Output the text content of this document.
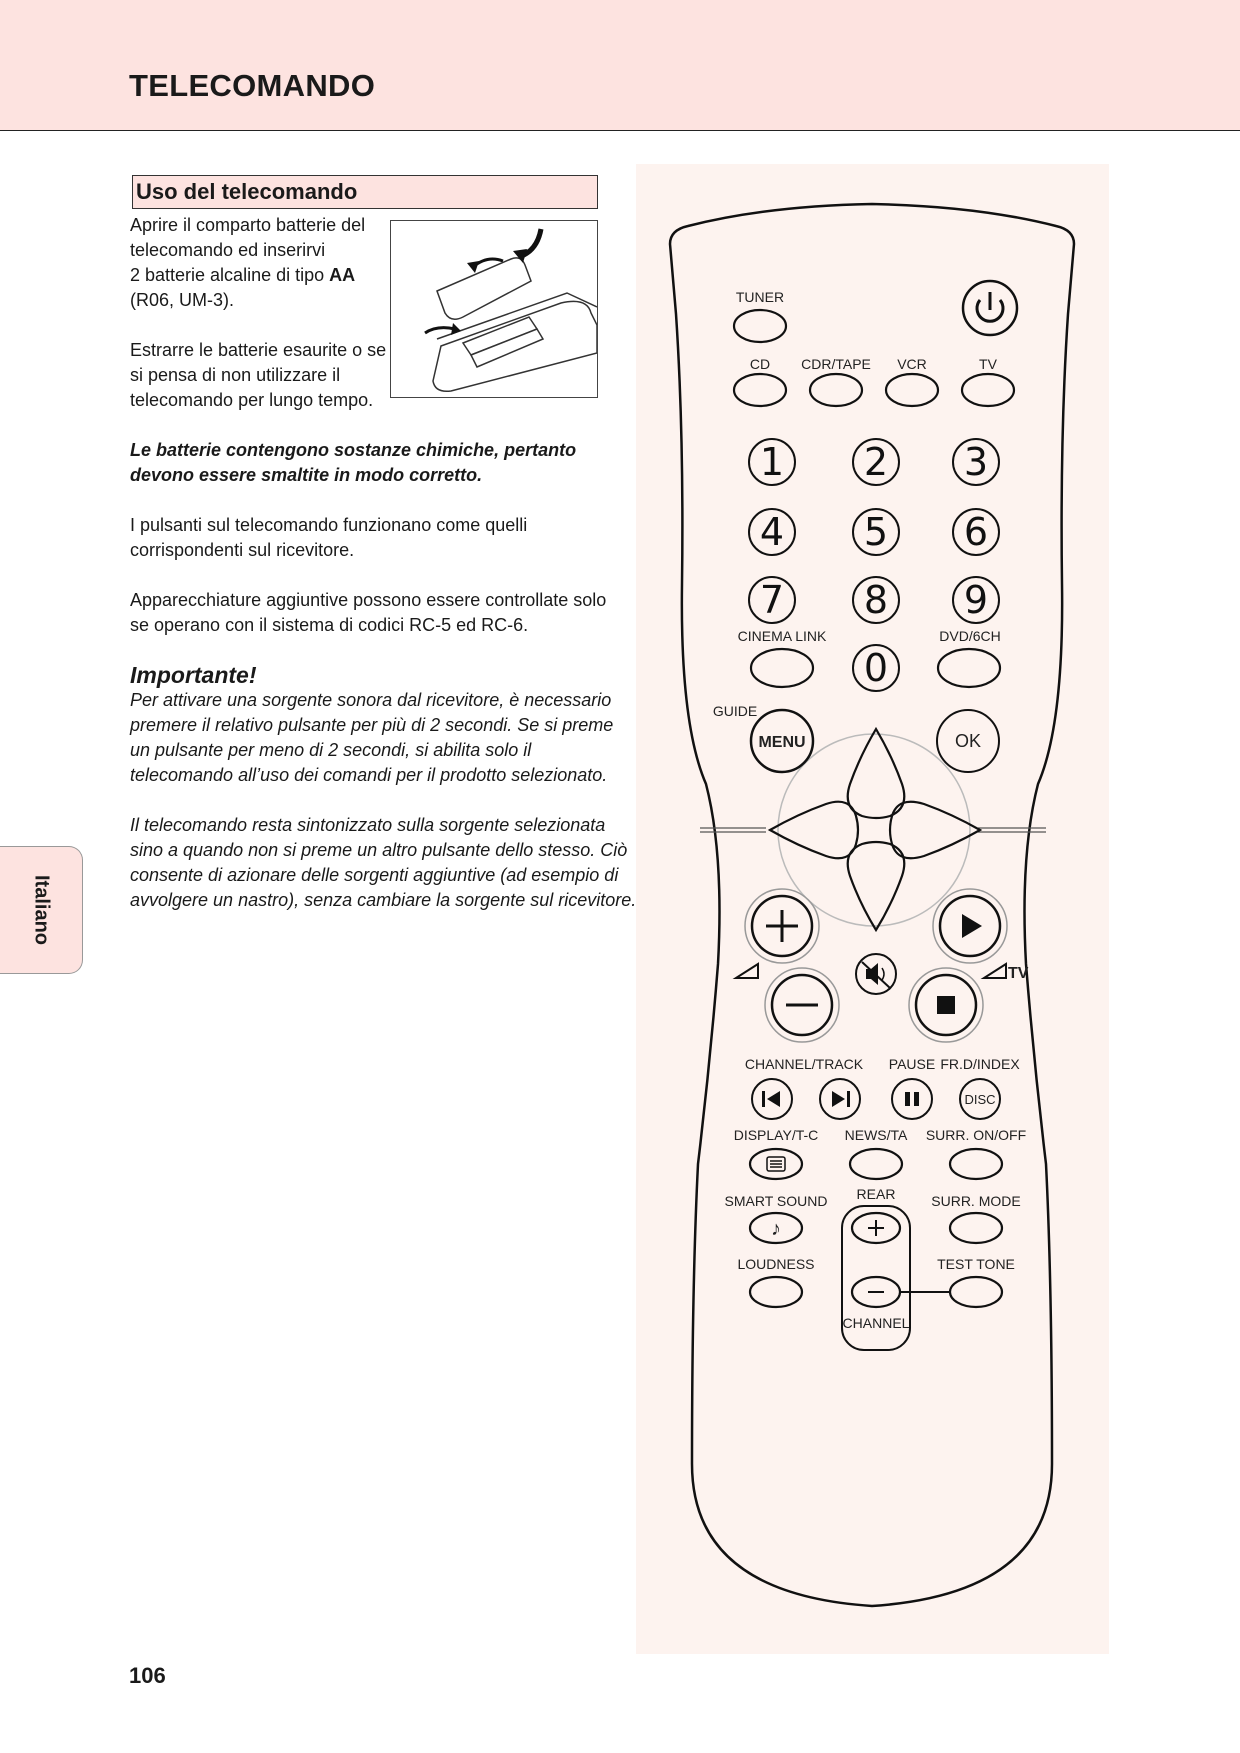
TELECOMANDO
Uso del telecomando
Aprire il comparto batterie del
telecomando ed inserirvi
2 batterie alcaline di tipo AA
(R06, UM-3).
Estrarre le batterie esaurite o se
si pensa di non utilizzare il
telecomando per lungo tempo.
Le batterie contengono sostanze chimiche, pertanto
devono essere smaltite in modo corretto.
I pulsanti sul telecomando funzionano come quelli
corrispondenti sul ricevitore.
Apparecchiature aggiuntive possono essere controllate solo
se operano con il sistema di codici RC-5 ed RC-6.
Importante!
Per attivare una sorgente sonora dal ricevitore, è necessario
premere il relativo pulsante per più di 2 secondi. Se si preme
un pulsante per meno di 2 secondi, si abilita solo il
telecomando all’uso dei comandi per il prodotto selezionato.
Il telecomando resta sintonizzato sulla sorgente selezionata
sino a quando non si preme un altro pulsante dello stesso. Ciò
consente di azionare delle sorgenti aggiuntive (ad esempio di
avvolgere un nastro), senza cambiare la sorgente sul ricevitore.
Italiano
106
TUNER
CD CDR/TAPE VCR	TV
1 2 3
4 5 6
7 8 9
0
CINEMA LINK	DVD/6CH
GUIDE
MENU	OK
TV
CHANNEL/TRACK PAUSE FR.D/INDEX
DISC
DISPLAY/T-C NEWS/TA SURR. ON/OFF
SMART SOUND REAR	SURR. MODE
♪
LOUDNESS	TEST TONE
CHANNEL
